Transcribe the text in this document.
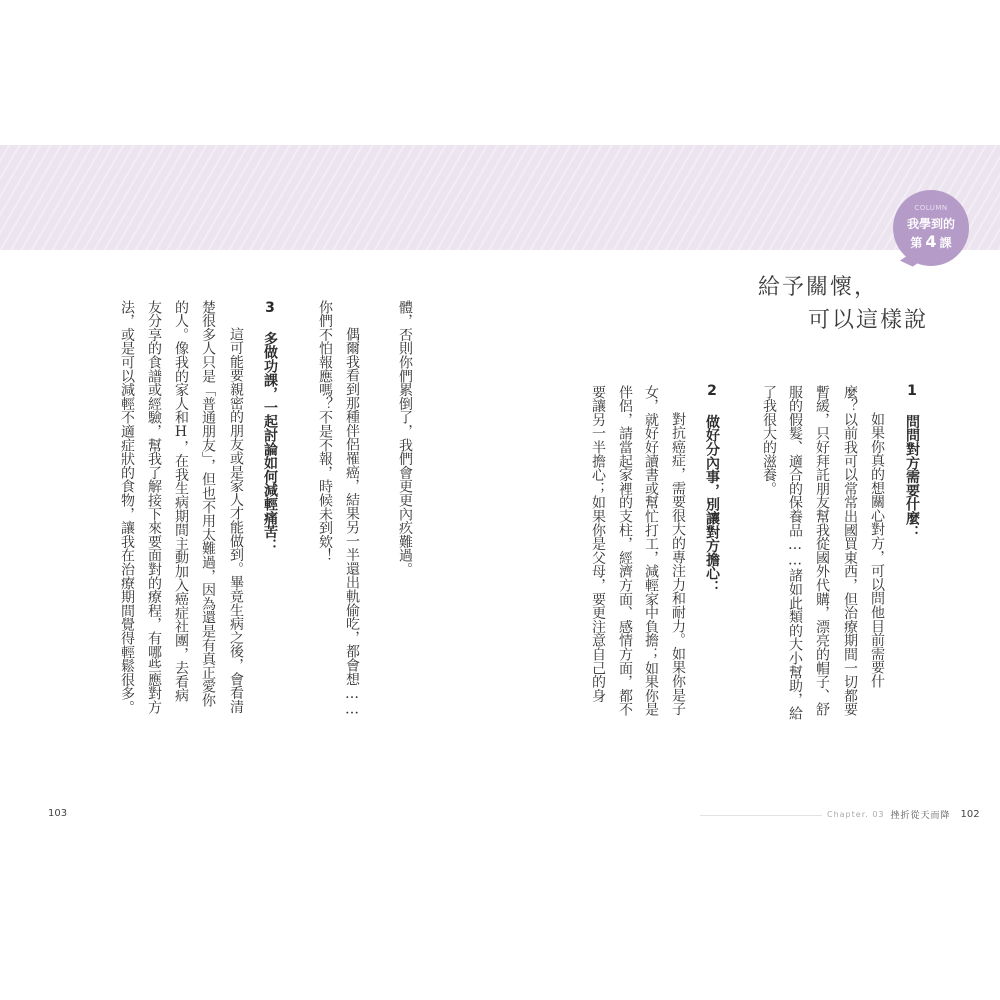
COLUMN
我學到的
第 4 課
給予關懷，
可以這樣說
1 問問對方需要什麼：
如果你真的想關心對方，可以問他目前需要什
麼？以前我可以常常出國買東西，但治療期間一切都要
暫緩，只好拜託朋友幫我從國外代購，漂亮的帽子、舒
服的假髮、適合的保養品……諸如此類的大小幫助，給
了我很大的滋養。
2 做好分內事，別讓對方擔心：
對抗癌症，需要很大的專注力和耐力。如果你是子
女，就好好讀書或幫忙打工，減輕家中負擔；如果你是
伴侶，請當起家裡的支柱，經濟方面、感情方面，都不
要讓另一半擔心；如果你是父母，要更注意自己的身
體，否則你們累倒了，我們會更更內疚難過。
偶爾我看到那種伴侶罹癌，結果另一半還出軌偷吃，都會想……
你們不怕報應嗎？不是不報，時候未到欸！
3 多做功課，一起討論如何減輕痛苦：
這可能要親密的朋友或是家人才能做到。畢竟生病之後，會看清
楚很多人只是「普通朋友」，但也不用太難過，因為還是有真正愛你
的人。像我的家人和H，在我生病期間主動加入癌症社團，去看病
友分享的食譜或經驗，幫我了解接下來要面對的療程，有哪些應對方
法，或是可以減輕不適症狀的食物，讓我在治療期間覺得輕鬆很多。
103	Chapter. 03 挫折從天而降 102
